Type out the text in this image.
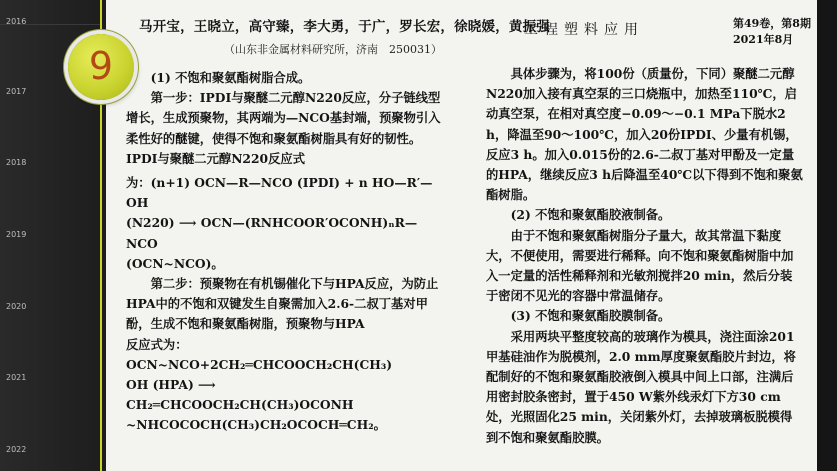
2016
2017
2018
2019
2020
2021
2022
9
马开宝，王晓立，高守臻，李大勇，于广，罗长宏，徐晓媛，黄振强
（山东非金属材料研究所，济南　250031）
工程塑料应用	第49卷，第8期
2021年8月

(1) 不饱和聚氨酯树脂合成。

第一步：IPDI与聚醚二元醇N220反应，分子链线型增长，生成预聚物，其两端为—NCO基封端，预聚物引入柔性好的醚键，使得不饱和聚氨酯树脂具有好的韧性。IPDI与聚醚二元醇N220反应式

为：(n+1) OCN—R—NCO (IPDI) + n HO—R′—OH

(N220) ⟶ OCN—(RNHCOOR′OCONH)ₙR—NCO

(OCN~NCO)。

第二步：预聚物在有机锡催化下与HPA反应，为防止HPA中的不饱和双键发生自聚需加入2.6-二叔丁基对甲酚，生成不饱和聚氨酯树脂，预聚物与HPA

反应式为：OCN~NCO+2CH₂═CHCOOCH₂CH(CH₃)

OH (HPA) ⟶ CH₂═CHCOOCH₂CH(CH₃)OCONH

~NHCOCOCH(CH₃)CH₂OCOCH═CH₂。

具体步骤为，将100份（质量份，下同）聚醚二元醇N220加入接有真空泵的三口烧瓶中，加热至110℃，启动真空泵，在相对真空度−0.09～−0.1 MPa下脱水2 h，降温至90～100℃，加入20份IPDI、少量有机锡，反应3 h。加入0.015份的2.6-二叔丁基对甲酚及一定量的HPA，继续反应3 h后降温至40℃以下得到不饱和聚氨酯树脂。

(2) 不饱和聚氨酯胶液制备。

由于不饱和聚氨酯树脂分子量大，故其常温下黏度大，不便使用，需要进行稀释。向不饱和聚氨酯树脂中加入一定量的活性稀释剂和光敏剂搅拌20 min，然后分装于密闭不见光的容器中常温储存。

(3) 不饱和聚氨酯胶膜制备。

采用两块平整度较高的玻璃作为模具，浇注面涂201甲基硅油作为脱模剂，2.0 mm厚度聚氨酯胶片封边，将配制好的不饱和聚氨酯胶液倒入模具中间上口部，注满后用密封胶条密封，置于450 W紫外线汞灯下方30 cm处，光照固化25 min，关闭紫外灯，去掉玻璃板脱模得到不饱和聚氨酯胶膜。
